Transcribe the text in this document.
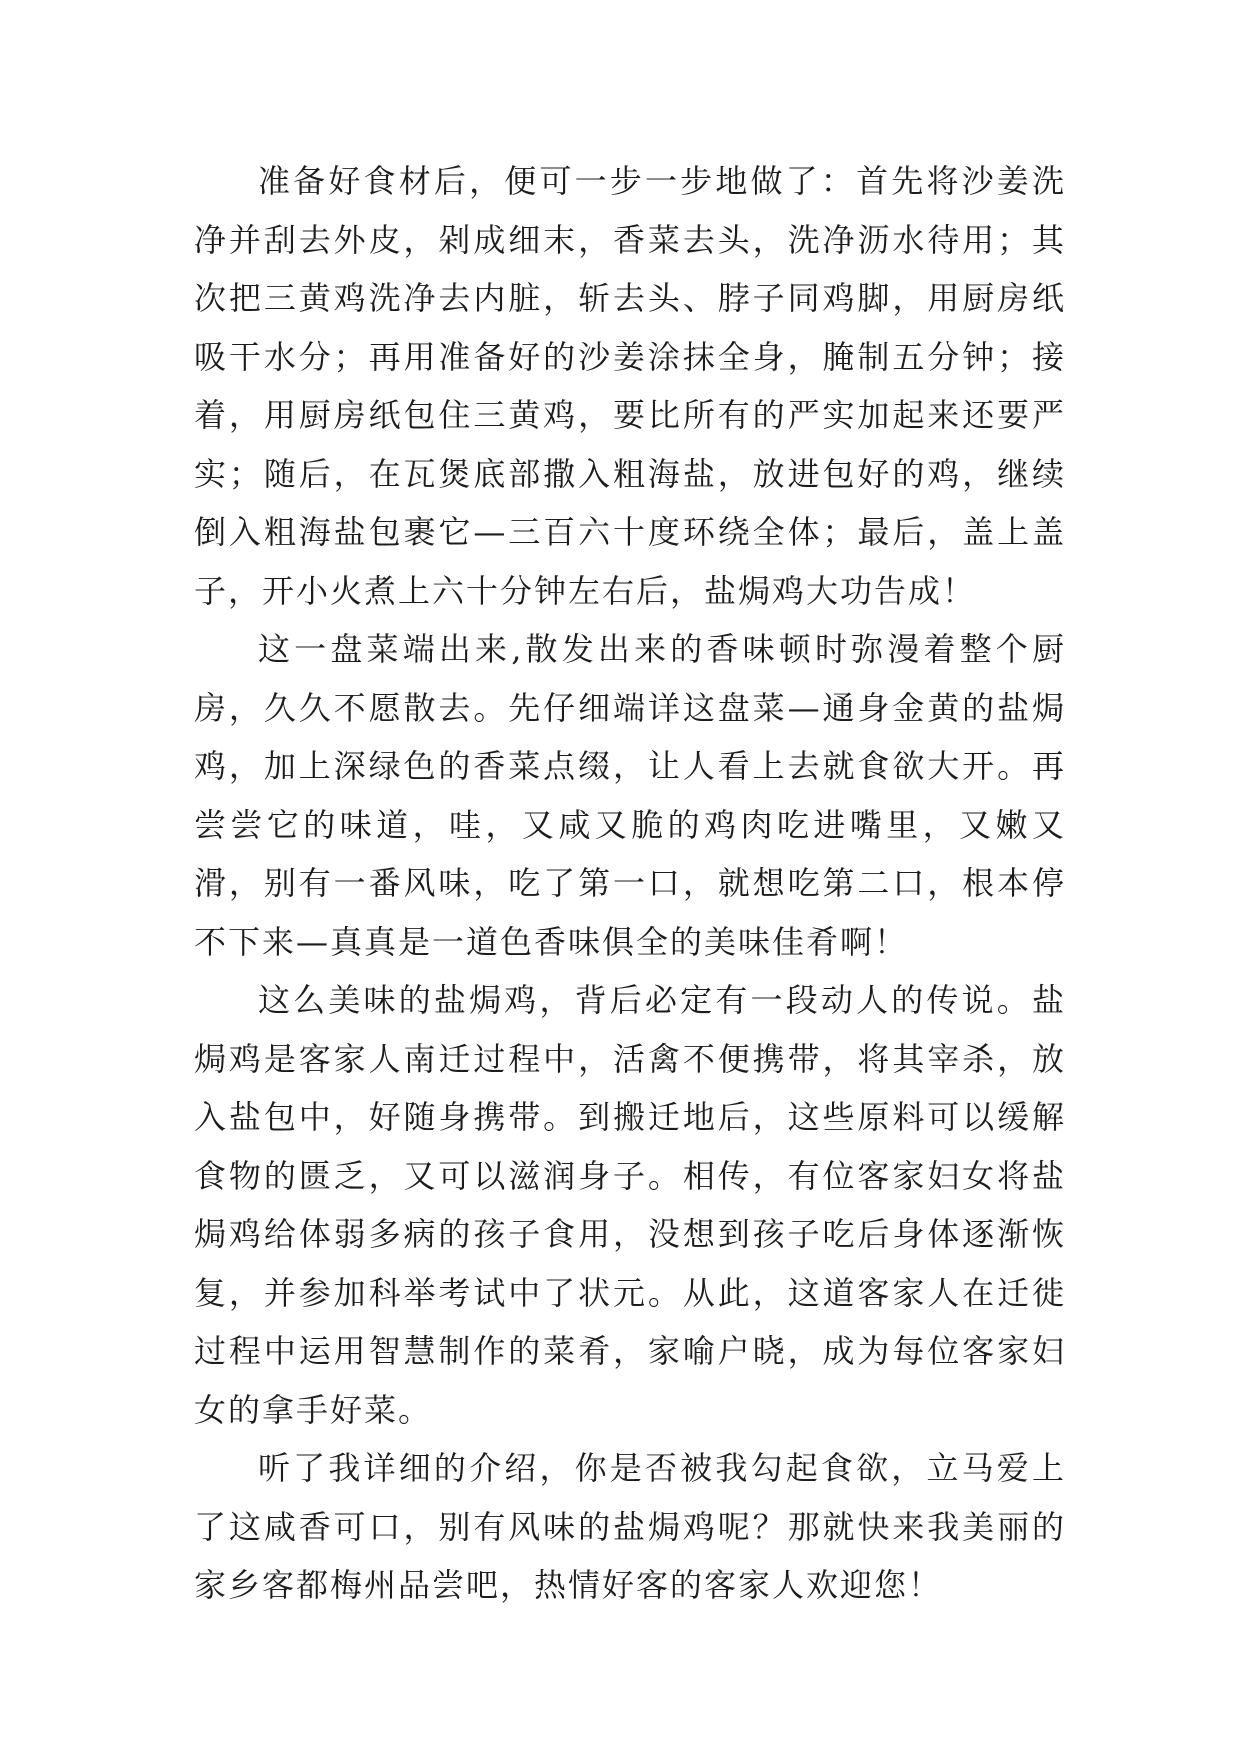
准备好食材后，便可一步一步地做了：首先将沙姜洗净并刮去外皮，剁成细末，香菜去头，洗净沥水待用；其次把三黄鸡洗净去内脏，斩去头、脖子同鸡脚，用厨房纸吸干水分；再用准备好的沙姜涂抹全身，腌制五分钟；接着，用厨房纸包住三黄鸡，要比所有的严实加起来还要严实；随后，在瓦煲底部撒入粗海盐，放进包好的鸡，继续倒入粗海盐包裹它—三百六十度环绕全体；最后，盖上盖子，开小火煮上六十分钟左右后，盐焗鸡大功告成！

这一盘菜端出来,散发出来的香味顿时弥漫着整个厨房，久久不愿散去。先仔细端详这盘菜—通身金黄的盐焗鸡，加上深绿色的香菜点缀，让人看上去就食欲大开。再尝尝它的味道，哇，又咸又脆的鸡肉吃进嘴里，又嫩又滑，别有一番风味，吃了第一口，就想吃第二口，根本停不下来—真真是一道色香味俱全的美味佳肴啊！

这么美味的盐焗鸡，背后必定有一段动人的传说。盐焗鸡是客家人南迁过程中，活禽不便携带，将其宰杀，放入盐包中，好随身携带。到搬迁地后，这些原料可以缓解食物的匮乏，又可以滋润身子。相传，有位客家妇女将盐焗鸡给体弱多病的孩子食用，没想到孩子吃后身体逐渐恢复，并参加科举考试中了状元。从此，这道客家人在迁徙过程中运用智慧制作的菜肴，家喻户晓，成为每位客家妇女的拿手好菜。

听了我详细的介绍，你是否被我勾起食欲，立马爱上了这咸香可口，别有风味的盐焗鸡呢？那就快来我美丽的家乡客都梅州品尝吧，热情好客的客家人欢迎您！
